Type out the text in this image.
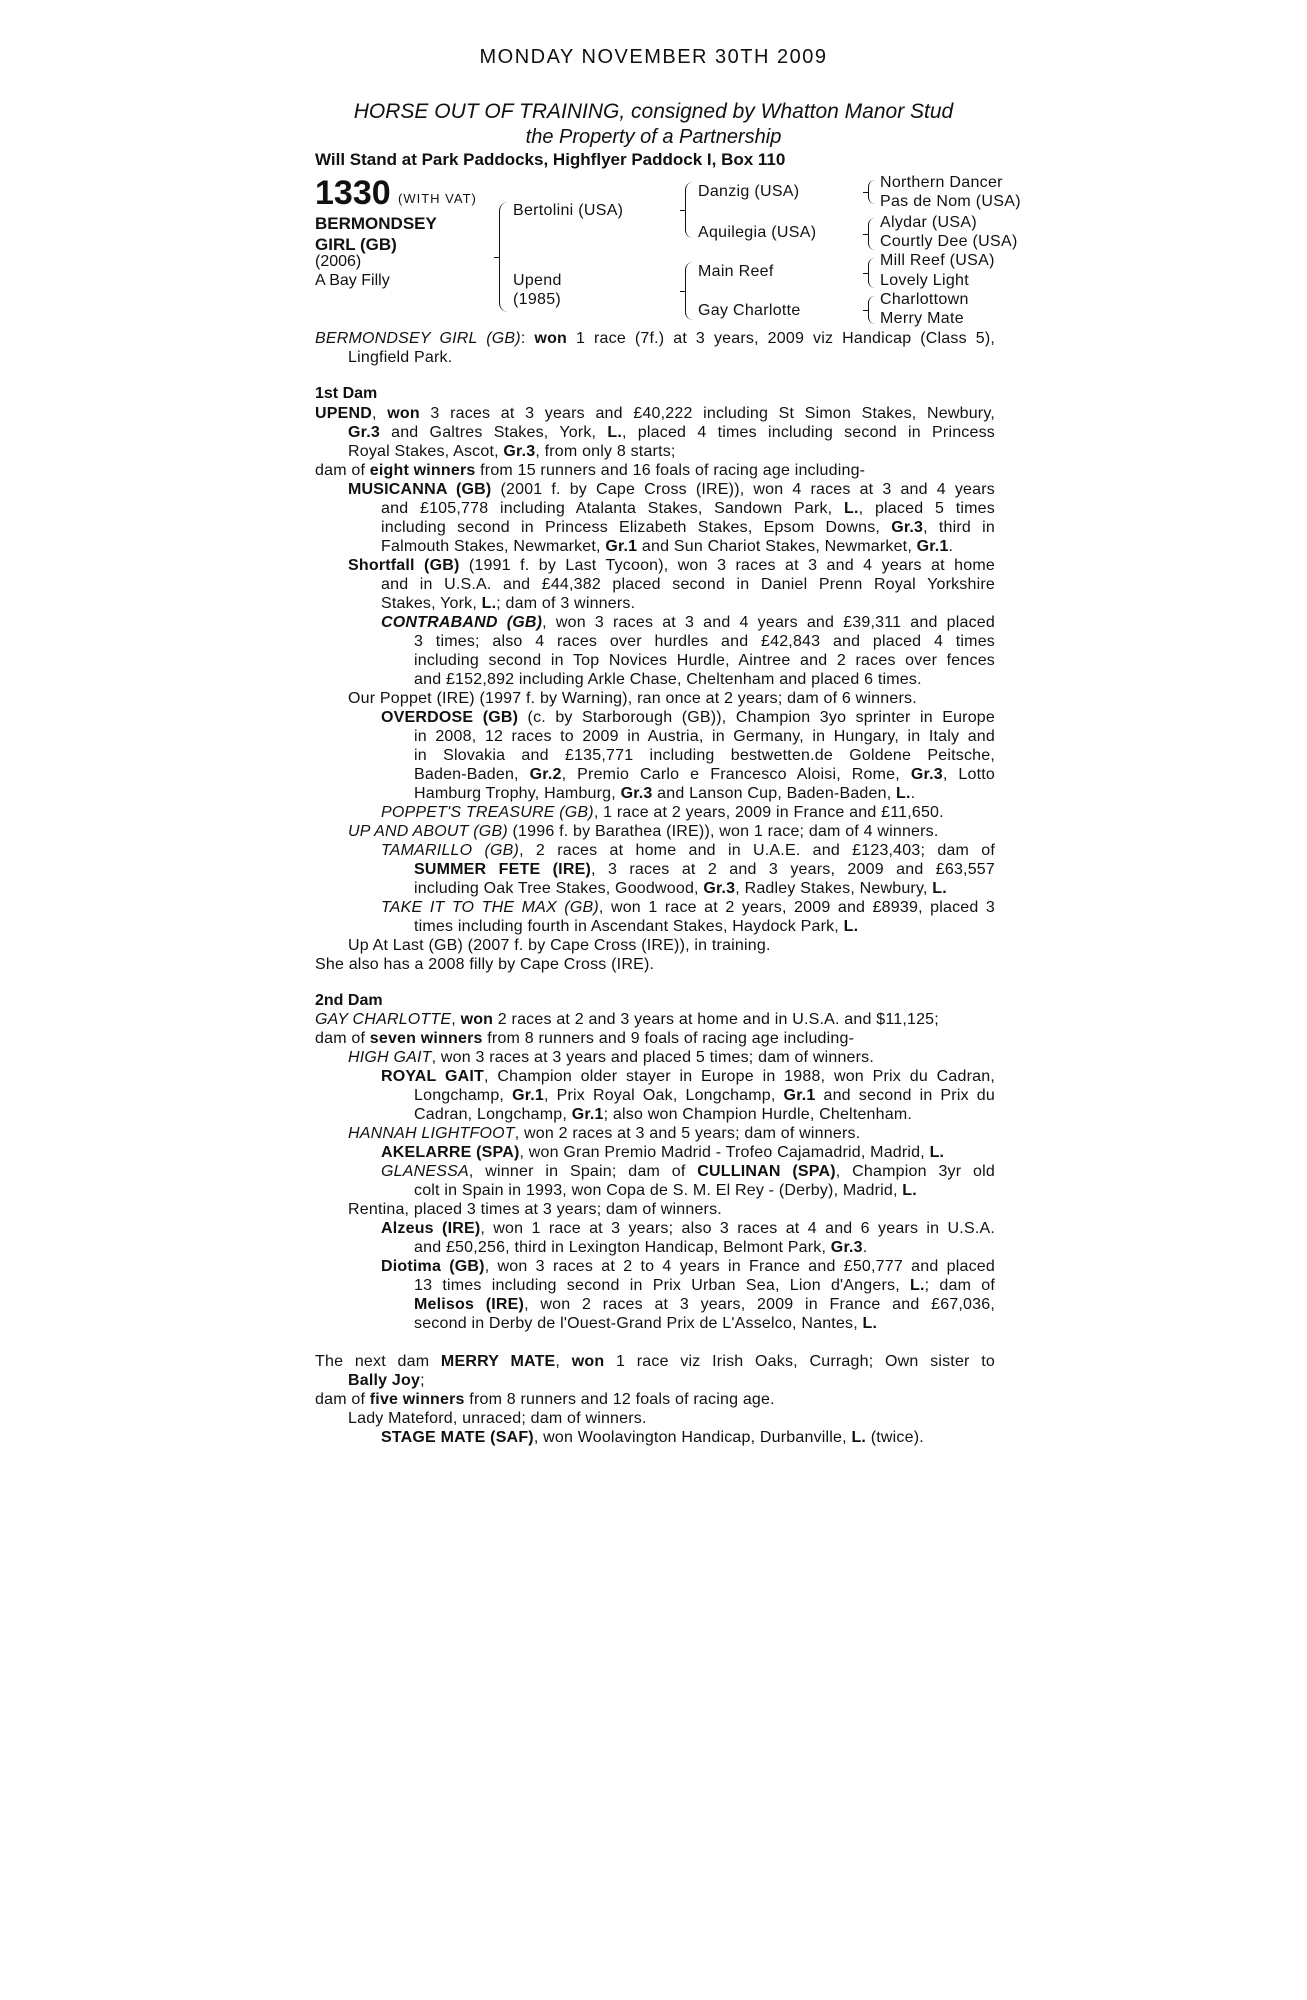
MONDAY NOVEMBER 30TH 2009
HORSE OUT OF TRAINING, consigned by Whatton Manor Stud
the Property of a Partnership
Will Stand at Park Paddocks, Highflyer Paddock I, Box 110
1330 (WITH VAT)
BERMONDSEY
GIRL (GB)
(2006)
A Bay Filly
Bertolini (USA)
Upend
(1985)
Danzig (USA)
Aquilegia (USA)
Main Reef
Gay Charlotte
Northern Dancer
Pas de Nom (USA)
Alydar (USA)
Courtly Dee (USA)
Mill Reef (USA)
Lovely Light
Charlottown
Merry Mate
BERMONDSEY GIRL (GB): won 1 race (7f.) at 3 years, 2009 viz Handicap (Class 5),
Lingfield Park.
1st Dam
UPEND, won 3 races at 3 years and £40,222 including St Simon Stakes, Newbury,
Gr.3 and Galtres Stakes, York, L., placed 4 times including second in Princess
Royal Stakes, Ascot, Gr.3, from only 8 starts;
dam of eight winners from 15 runners and 16 foals of racing age including-
MUSICANNA (GB) (2001 f. by Cape Cross (IRE)), won 4 races at 3 and 4 years
and £105,778 including Atalanta Stakes, Sandown Park, L., placed 5 times
including second in Princess Elizabeth Stakes, Epsom Downs, Gr.3, third in
Falmouth Stakes, Newmarket, Gr.1 and Sun Chariot Stakes, Newmarket, Gr.1.
Shortfall (GB) (1991 f. by Last Tycoon), won 3 races at 3 and 4 years at home
and in U.S.A. and £44,382 placed second in Daniel Prenn Royal Yorkshire
Stakes, York, L.; dam of 3 winners.
CONTRABAND (GB), won 3 races at 3 and 4 years and £39,311 and placed
3 times; also 4 races over hurdles and £42,843 and placed 4 times
including second in Top Novices Hurdle, Aintree and 2 races over fences
and £152,892 including Arkle Chase, Cheltenham and placed 6 times.
Our Poppet (IRE) (1997 f. by Warning), ran once at 2 years; dam of 6 winners.
OVERDOSE (GB) (c. by Starborough (GB)), Champion 3yo sprinter in Europe
in 2008, 12 races to 2009 in Austria, in Germany, in Hungary, in Italy and
in Slovakia and £135,771 including bestwetten.de Goldene Peitsche,
Baden-Baden, Gr.2, Premio Carlo e Francesco Aloisi, Rome, Gr.3, Lotto
Hamburg Trophy, Hamburg, Gr.3 and Lanson Cup, Baden-Baden, L..
POPPET'S TREASURE (GB), 1 race at 2 years, 2009 in France and £11,650.
UP AND ABOUT (GB) (1996 f. by Barathea (IRE)), won 1 race; dam of 4 winners.
TAMARILLO (GB), 2 races at home and in U.A.E. and £123,403; dam of
SUMMER FETE (IRE), 3 races at 2 and 3 years, 2009 and £63,557
including Oak Tree Stakes, Goodwood, Gr.3, Radley Stakes, Newbury, L.
TAKE IT TO THE MAX (GB), won 1 race at 2 years, 2009 and £8939, placed 3
times including fourth in Ascendant Stakes, Haydock Park, L.
Up At Last (GB) (2007 f. by Cape Cross (IRE)), in training.
She also has a 2008 filly by Cape Cross (IRE).
2nd Dam
GAY CHARLOTTE, won 2 races at 2 and 3 years at home and in U.S.A. and $11,125;
dam of seven winners from 8 runners and 9 foals of racing age including-
HIGH GAIT, won 3 races at 3 years and placed 5 times; dam of winners.
ROYAL GAIT, Champion older stayer in Europe in 1988, won Prix du Cadran,
Longchamp, Gr.1, Prix Royal Oak, Longchamp, Gr.1 and second in Prix du
Cadran, Longchamp, Gr.1; also won Champion Hurdle, Cheltenham.
HANNAH LIGHTFOOT, won 2 races at 3 and 5 years; dam of winners.
AKELARRE (SPA), won Gran Premio Madrid - Trofeo Cajamadrid, Madrid, L.
GLANESSA, winner in Spain; dam of CULLINAN (SPA), Champion 3yr old
colt in Spain in 1993, won Copa de S. M. El Rey - (Derby), Madrid, L.
Rentina, placed 3 times at 3 years; dam of winners.
Alzeus (IRE), won 1 race at 3 years; also 3 races at 4 and 6 years in U.S.A.
and £50,256, third in Lexington Handicap, Belmont Park, Gr.3.
Diotima (GB), won 3 races at 2 to 4 years in France and £50,777 and placed
13 times including second in Prix Urban Sea, Lion d'Angers, L.; dam of
Melisos (IRE), won 2 races at 3 years, 2009 in France and £67,036,
second in Derby de l'Ouest-Grand Prix de L'Asselco, Nantes, L.
The next dam MERRY MATE, won 1 race viz Irish Oaks, Curragh; Own sister to
Bally Joy;
dam of five winners from 8 runners and 12 foals of racing age.
Lady Mateford, unraced; dam of winners.
STAGE MATE (SAF), won Woolavington Handicap, Durbanville, L. (twice).
